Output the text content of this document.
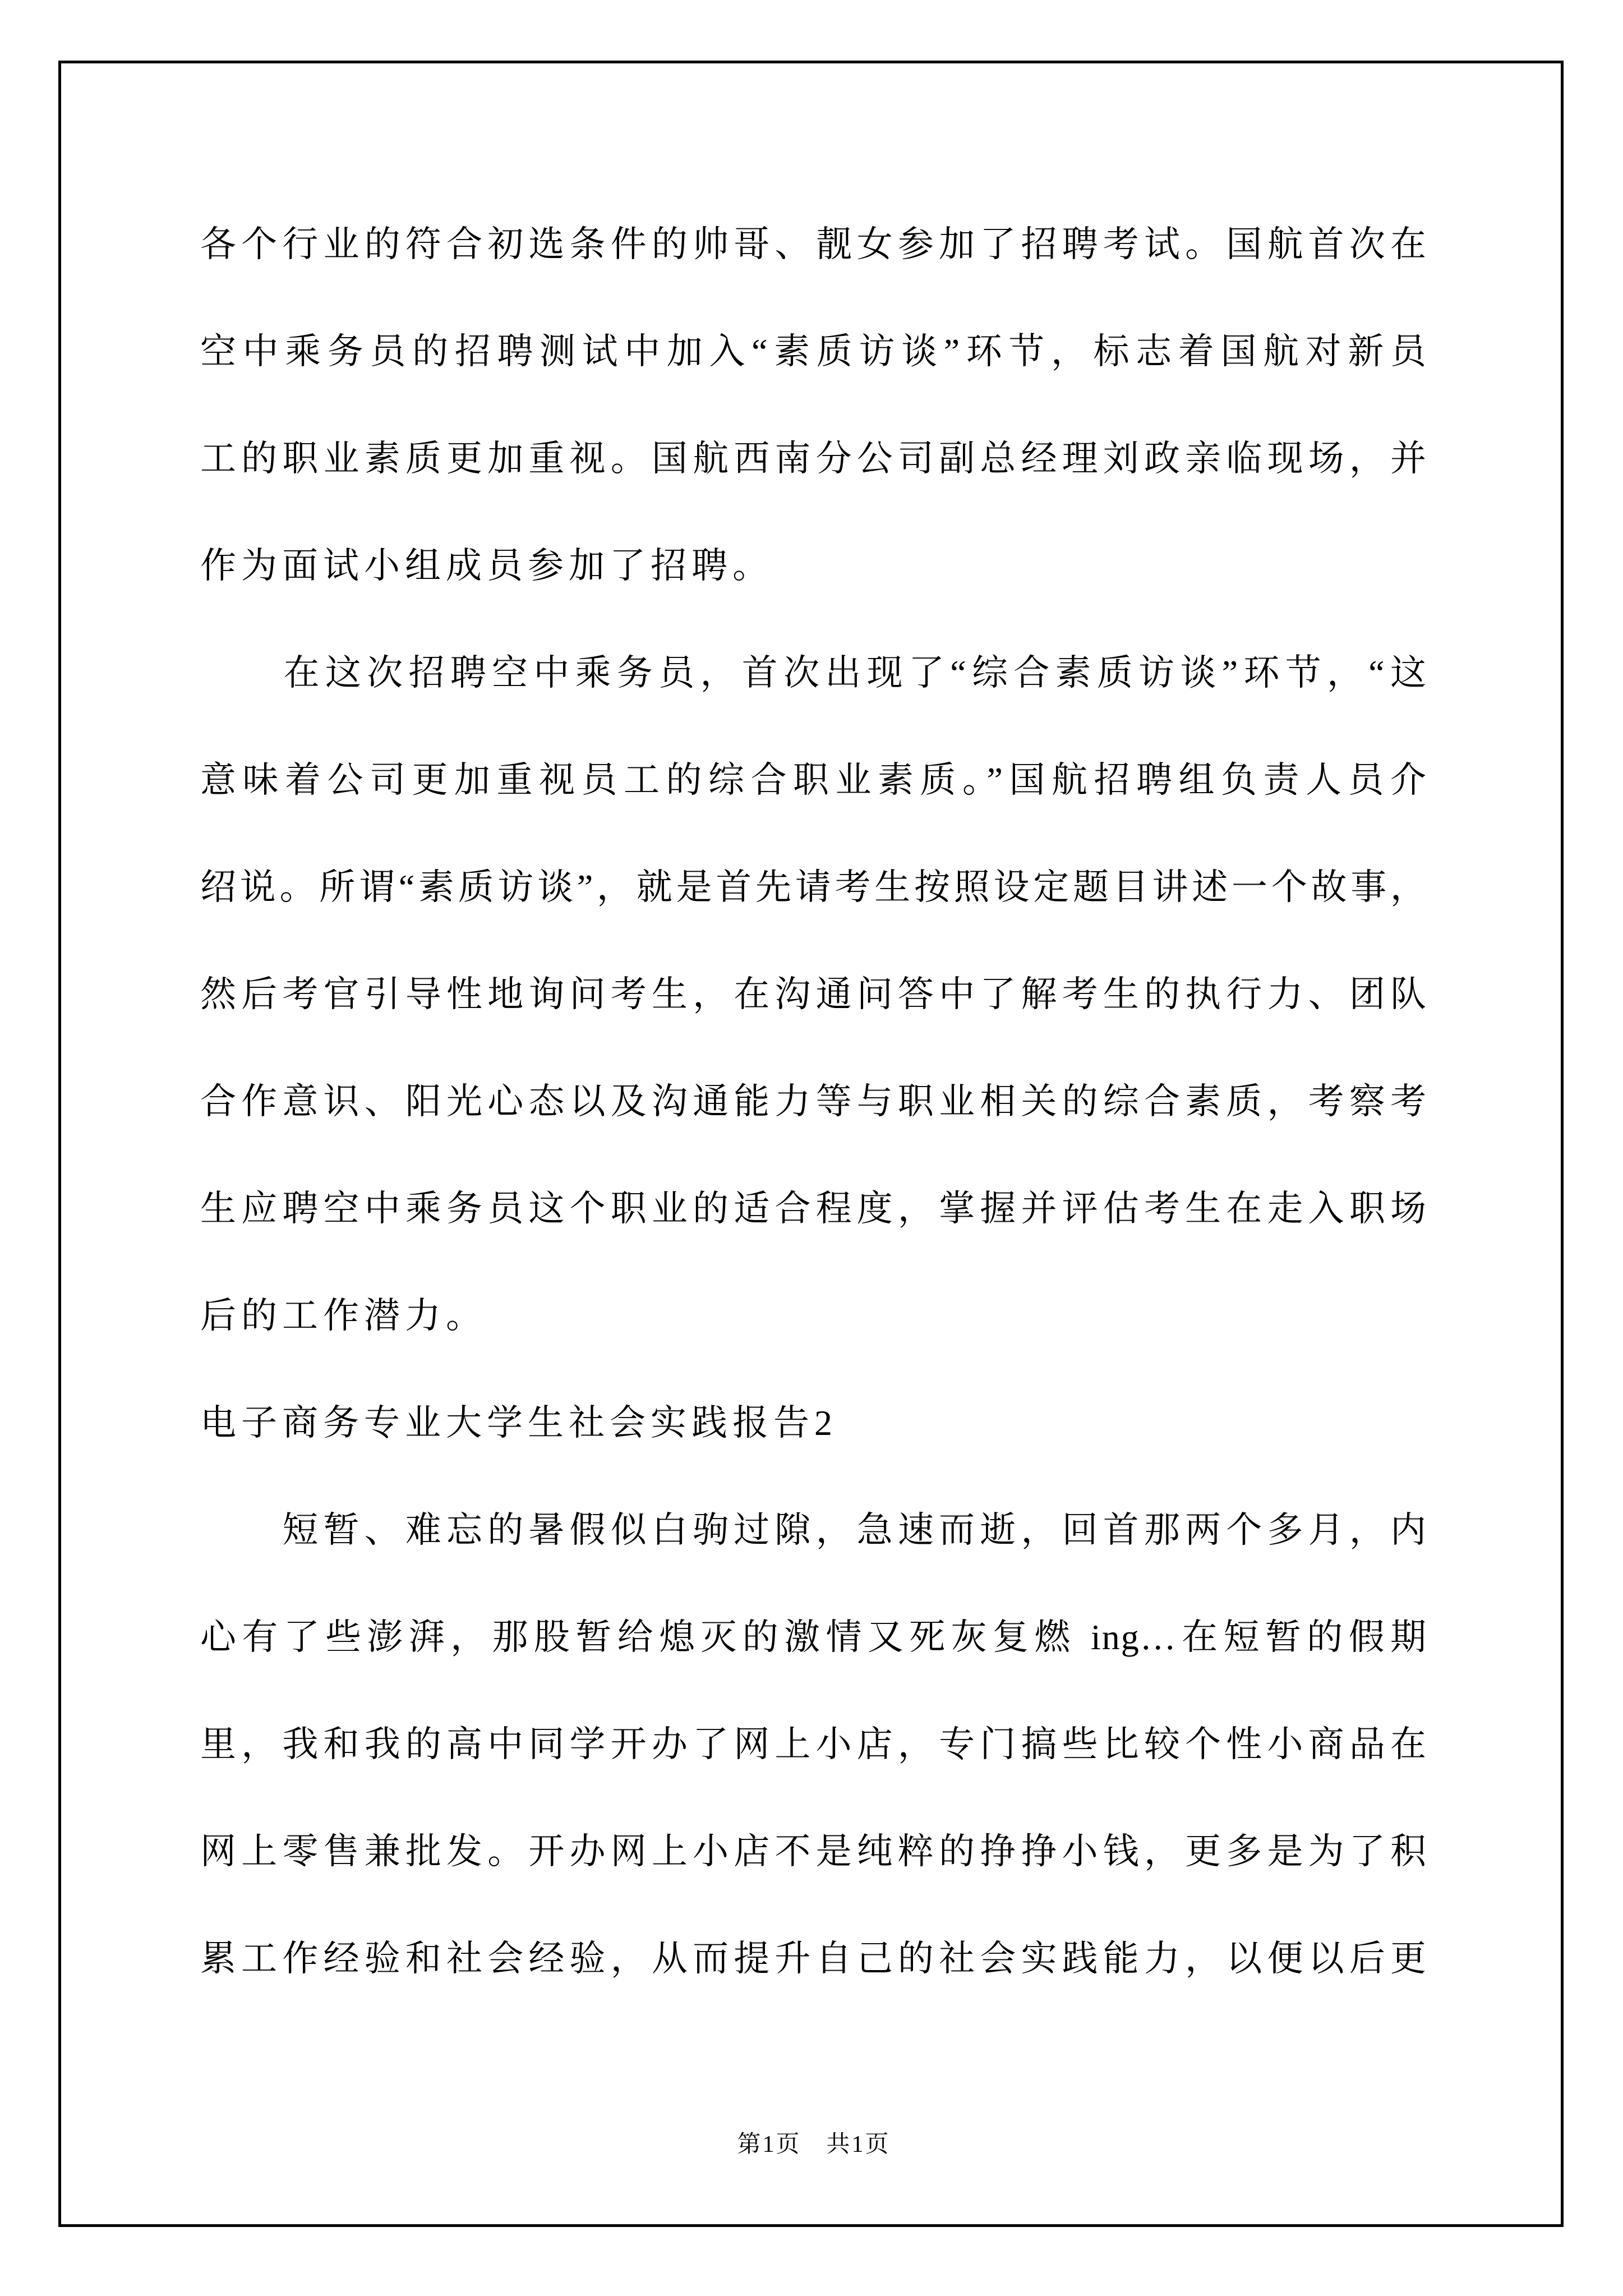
各个行业的符合初选条件的帅哥、靓女参加了招聘考试。国航首次在
空中乘务员的招聘测试中加入“素质访谈”环节，标志着国航对新员
工的职业素质更加重视。国航西南分公司副总经理刘政亲临现场，并
作为面试小组成员参加了招聘。
　　在这次招聘空中乘务员，首次出现了“综合素质访谈”环节，“这
意味着公司更加重视员工的综合职业素质。”国航招聘组负责人员介
绍说。所谓“素质访谈”，就是首先请考生按照设定题目讲述一个故事，
然后考官引导性地询问考生，在沟通问答中了解考生的执行力、团队
合作意识、阳光心态以及沟通能力等与职业相关的综合素质，考察考
生应聘空中乘务员这个职业的适合程度，掌握并评估考生在走入职场
后的工作潜力。
电子商务专业大学生社会实践报告2
　　短暂、难忘的暑假似白驹过隙，急速而逝，回首那两个多月，内
心有了些澎湃，那股暂给熄灭的激情又死灰复燃 ing…在短暂的假期
里，我和我的高中同学开办了网上小店，专门搞些比较个性小商品在
网上零售兼批发。开办网上小店不是纯粹的挣挣小钱，更多是为了积
累工作经验和社会经验，从而提升自己的社会实践能力，以便以后更
第1页　共1页
